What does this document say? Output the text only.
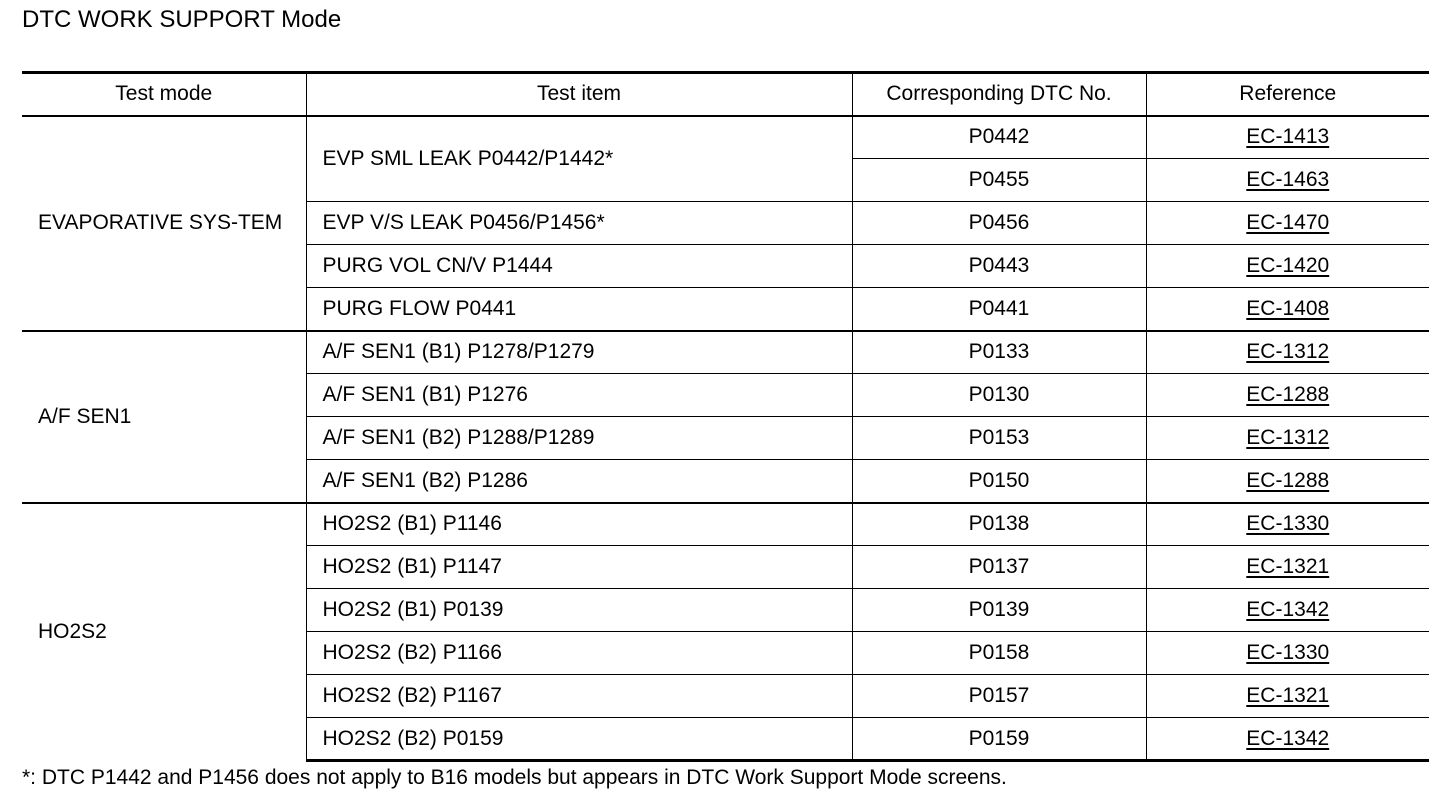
DTC WORK SUPPORT Mode
Test mode	Test item	Corresponding DTC No.	Reference
EVAPORATIVE SYS-TEM	EVP SML LEAK P0442/P1442*	P0442	EC-1413
		P0455	EC-1463
	EVP V/S LEAK P0456/P1456*	P0456	EC-1470
	PURG VOL CN/V P1444	P0443	EC-1420
	PURG FLOW P0441	P0441	EC-1408
A/F SEN1	A/F SEN1 (B1) P1278/P1279	P0133	EC-1312
	A/F SEN1 (B1) P1276	P0130	EC-1288
	A/F SEN1 (B2) P1288/P1289	P0153	EC-1312
	A/F SEN1 (B2) P1286	P0150	EC-1288
HO2S2	HO2S2 (B1) P1146	P0138	EC-1330
	HO2S2 (B1) P1147	P0137	EC-1321
	HO2S2 (B1) P0139	P0139	EC-1342
	HO2S2 (B2) P1166	P0158	EC-1330
	HO2S2 (B2) P1167	P0157	EC-1321
	HO2S2 (B2) P0159	P0159	EC-1342
*: DTC P1442 and P1456 does not apply to B16 models but appears in DTC Work Support Mode screens.
